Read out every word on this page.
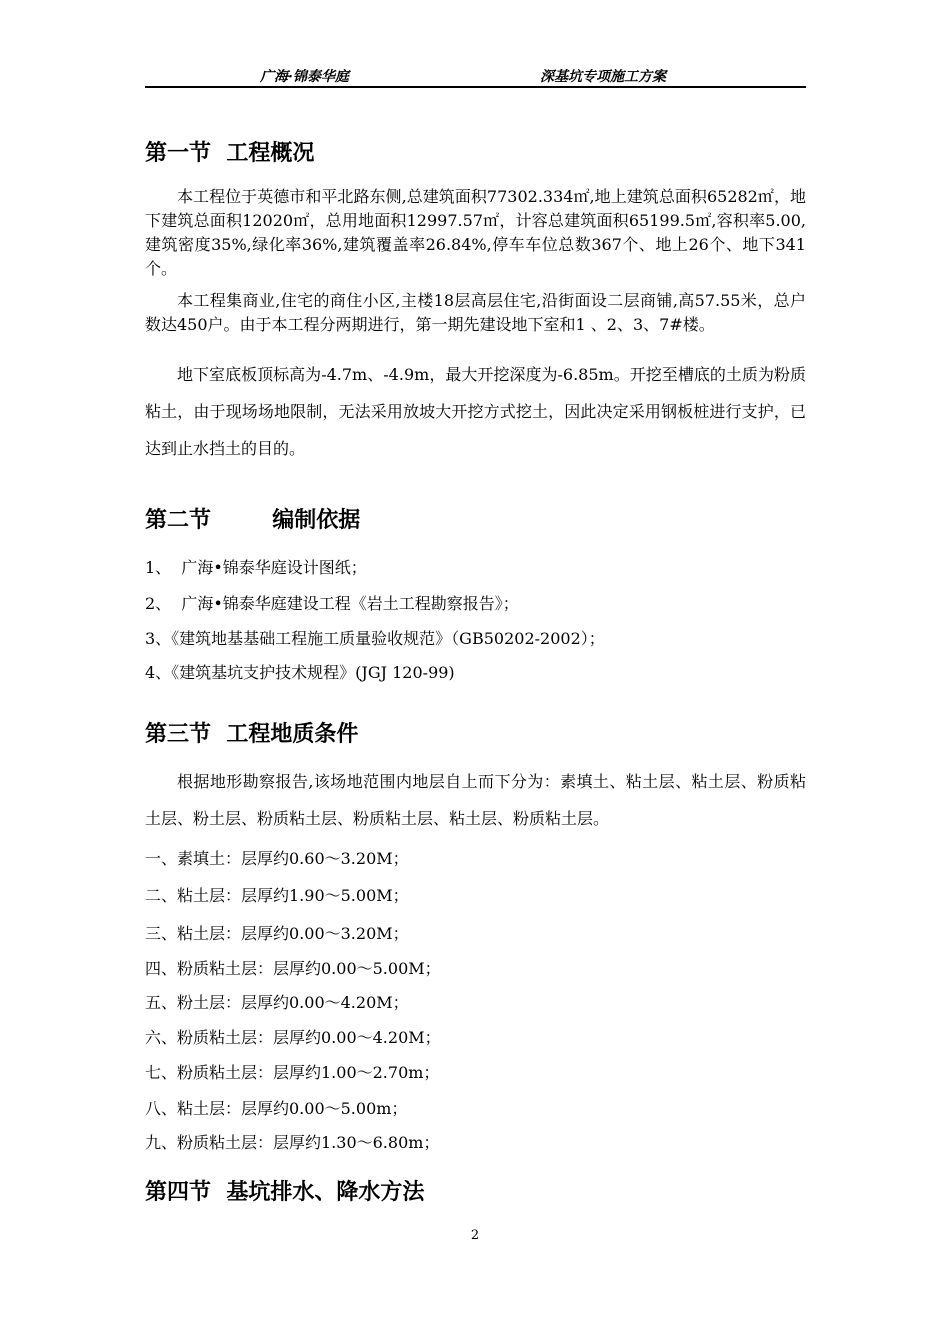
广海·锦泰华庭	深基坑专项施工方案
第一节  工程概况

本工程位于英德市和平北路东侧,总建筑面积77302.334㎡,地上建筑总面积65282㎡，地下建筑总面积12020㎡，总用地面积12997.57㎡，计容总建筑面积65199.5㎡,容积率5.00,建筑密度35%,绿化率36%,建筑覆盖率26.84%,停车车位总数367个、地上26个、地下341个。

本工程集商业,住宅的商住小区,主楼18层高层住宅,沿街面设二层商铺,高57.55米，总户数达450户。由于本工程分两期进行，第一期先建设地下室和1 、2、3、7#楼。

地下室底板顶标高为-4.7m、-4.9m，最大开挖深度为-6.85m。开挖至槽底的土质为粉质粘土，由于现场场地限制，无法采用放坡大开挖方式挖土，因此决定采用钢板桩进行支护，已达到止水挡土的目的。

第二节        编制依据

1、  广海•锦泰华庭设计图纸；

2、  广海•锦泰华庭建设工程《岩土工程勘察报告》；

3、《建筑地基基础工程施工质量验收规范》（GB50202-2002）；

4、《建筑基坑支护技术规程》(JGJ 120-99)

第三节  工程地质条件

根据地形勘察报告,该场地范围内地层自上而下分为：素填土、粘土层、粘土层、粉质粘土层、粉土层、粉质粘土层、粉质粘土层、粘土层、粉质粘土层。

一、素填土：层厚约0.60～3.20M；

二、粘土层：层厚约1.90～5.00M；

三、粘土层：层厚约0.00～3.20M；

四、粉质粘土层：层厚约0.00～5.00M；

五、粉土层：层厚约0.00～4.20M；

六、粉质粘土层：层厚约0.00～4.20M；

七、粉质粘土层：层厚约1.00～2.70m；

八、粘土层：层厚约0.00～5.00m；

九、粉质粘土层：层厚约1.30～6.80m；

第四节  基坑排水、降水方法
2
